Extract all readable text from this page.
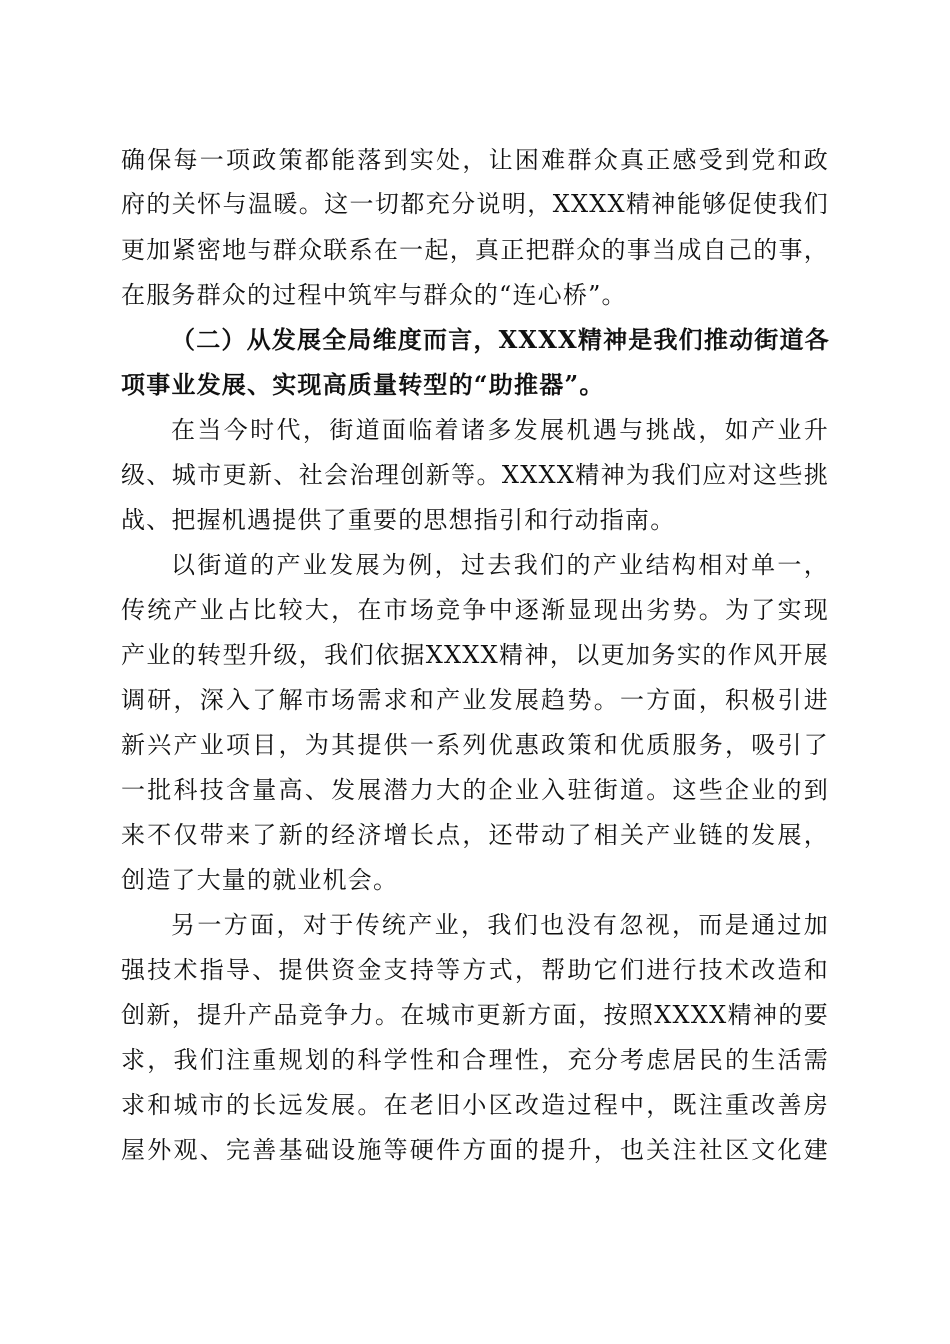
确保每一项政策都能落到实处，让困难群众真正感受到党和政
府的关怀与温暖。这一切都充分说明，XXXX精神能够促使我们
更加紧密地与群众联系在一起，真正把群众的事当成自己的事，
在服务群众的过程中筑牢与群众的“连心桥”。
（二）从发展全局维度而言，XXXX精神是我们推动街道各
项事业发展、实现高质量转型的“助推器”。
在当今时代，街道面临着诸多发展机遇与挑战，如产业升
级、城市更新、社会治理创新等。XXXX精神为我们应对这些挑
战、把握机遇提供了重要的思想指引和行动指南。
以街道的产业发展为例，过去我们的产业结构相对单一，
传统产业占比较大，在市场竞争中逐渐显现出劣势。为了实现
产业的转型升级，我们依据XXXX精神，以更加务实的作风开展
调研，深入了解市场需求和产业发展趋势。一方面，积极引进
新兴产业项目，为其提供一系列优惠政策和优质服务，吸引了
一批科技含量高、发展潜力大的企业入驻街道。这些企业的到
来不仅带来了新的经济增长点，还带动了相关产业链的发展，
创造了大量的就业机会。
另一方面，对于传统产业，我们也没有忽视，而是通过加
强技术指导、提供资金支持等方式，帮助它们进行技术改造和
创新，提升产品竞争力。在城市更新方面，按照XXXX精神的要
求，我们注重规划的科学性和合理性，充分考虑居民的生活需
求和城市的长远发展。在老旧小区改造过程中，既注重改善房
屋外观、完善基础设施等硬件方面的提升，也关注社区文化建
